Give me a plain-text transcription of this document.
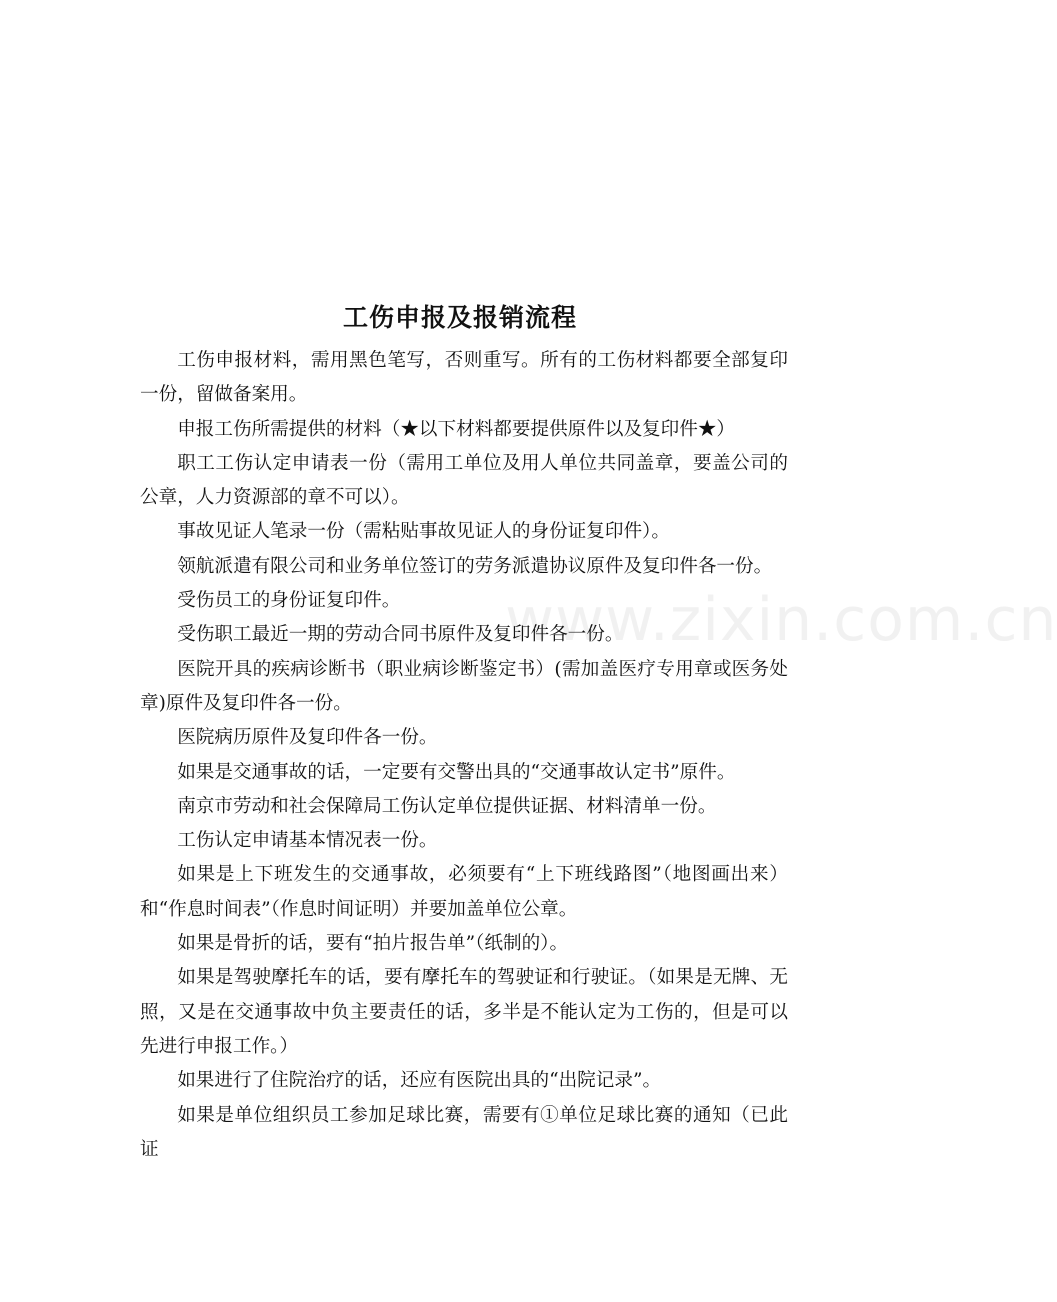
www.zixin.com.cn
工伤申报及报销流程

工伤申报材料，需用黑色笔写，否则重写。所有的工伤材料都要全部复印一份，留做备案用。

申报工伤所需提供的材料（★以下材料都要提供原件以及复印件★）

职工工伤认定申请表一份（需用工单位及用人单位共同盖章，要盖公司的公章，人力资源部的章不可以）。

事故见证人笔录一份（需粘贴事故见证人的身份证复印件）。

领航派遣有限公司和业务单位签订的劳务派遣协议原件及复印件各一份。

受伤员工的身份证复印件。

受伤职工最近一期的劳动合同书原件及复印件各一份。

医院开具的疾病诊断书（职业病诊断鉴定书）(需加盖医疗专用章或医务处章)原件及复印件各一份。

医院病历原件及复印件各一份。

如果是交通事故的话，一定要有交警出具的“交通事故认定书”原件。

南京市劳动和社会保障局工伤认定单位提供证据、材料清单一份。

工伤认定申请基本情况表一份。

如果是上下班发生的交通事故，必须要有“上下班线路图”（地图画出来）和“作息时间表”（作息时间证明）并要加盖单位公章。

如果是骨折的话，要有“拍片报告单”（纸制的）。

如果是驾驶摩托车的话，要有摩托车的驾驶证和行驶证。（如果是无牌、无照，又是在交通事故中负主要责任的话，多半是不能认定为工伤的，但是可以先进行申报工作。）

如果进行了住院治疗的话，还应有医院出具的“出院记录”。

如果是单位组织员工参加足球比赛，需要有①单位足球比赛的通知（已此证
